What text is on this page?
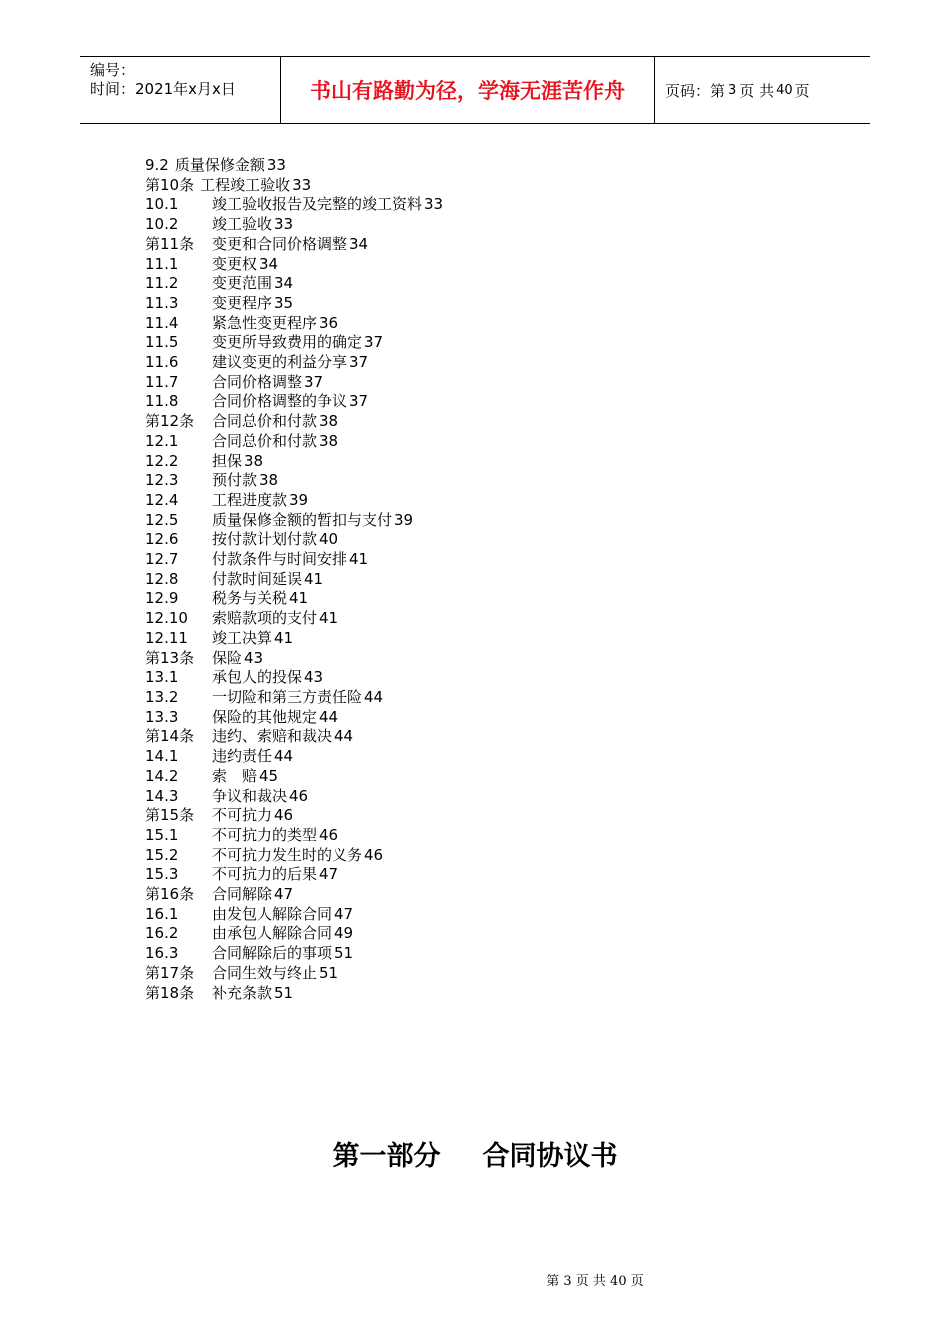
编号：
时间：2021年x月x日	书山有路勤为径，学海无涯苦作舟	页码：第 3 页 共 40 页
9.2 质量保修金额 33
第10条 工程竣工验收 33
10.1	竣工验收报告及完整的竣工资料 33
10.2	竣工验收 33
第11条	变更和合同价格调整 34
11.1	变更权 34
11.2	变更范围 34
11.3	变更程序 35
11.4	紧急性变更程序 36
11.5	变更所导致费用的确定 37
11.6	建议变更的利益分享 37
11.7	合同价格调整 37
11.8	合同价格调整的争议 37
第12条	合同总价和付款 38
12.1	合同总价和付款 38
12.2	担保 38
12.3	预付款 38
12.4	工程进度款 39
12.5	质量保修金额的暂扣与支付 39
12.6	按付款计划付款 40
12.7	付款条件与时间安排 41
12.8	付款时间延误 41
12.9	税务与关税 41
12.10	索赔款项的支付 41
12.11	竣工决算 41
第13条	保险 43
13.1	承包人的投保 43
13.2	一切险和第三方责任险 44
13.3	保险的其他规定 44
第14条	违约、索赔和裁决 44
14.1	违约责任 44
14.2	索　赔 45
14.3	争议和裁决 46
第15条	不可抗力 46
15.1	不可抗力的类型 46
15.2	不可抗力发生时的义务 46
15.3	不可抗力的后果 47
第16条	合同解除 47
16.1	由发包人解除合同 47
16.2	由承包人解除合同 49
16.3	合同解除后的事项 51
第17条	合同生效与终止 51
第18条	补充条款 51
第一部分 合同协议书
第 3 页 共 40 页
